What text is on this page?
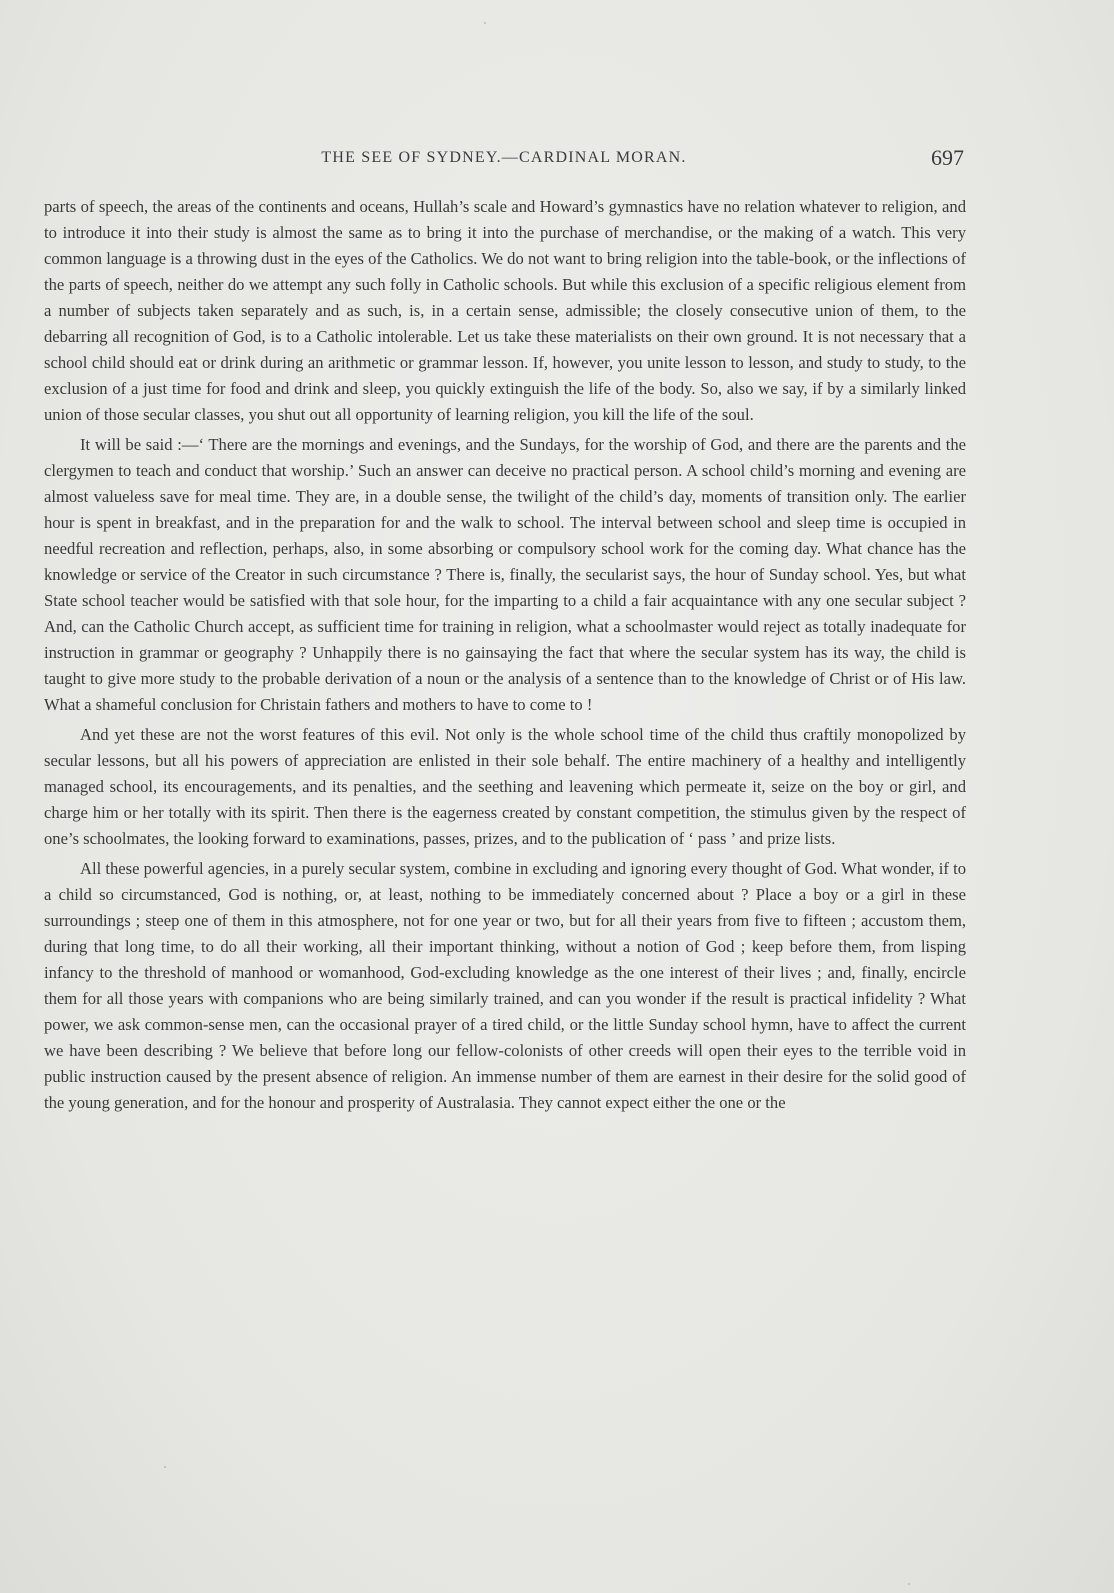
THE SEE OF SYDNEY.—CARDINAL MORAN.	697

parts of speech, the areas of the continents and oceans, Hullah’s scale and Howard’s gymnastics have no relation whatever to religion, and to introduce it into their study is almost the same as to bring it into the purchase of merchandise, or the making of a watch. This very common language is a throwing dust in the eyes of the Catholics. We do not want to bring religion into the table-book, or the inflections of the parts of speech, neither do we attempt any such folly in Catholic schools. But while this exclusion of a specific religious element from a number of subjects taken separately and as such, is, in a certain sense, admissible; the closely consecutive union of them, to the debarring all recognition of God, is to a Catholic intolerable. Let us take these materialists on their own ground. It is not necessary that a school child should eat or drink during an arithmetic or grammar lesson. If, however, you unite lesson to lesson, and study to study, to the exclusion of a just time for food and drink and sleep, you quickly extinguish the life of the body. So, also we say, if by a similarly linked union of those secular classes, you shut out all opportunity of learning religion, you kill the life of the soul.

It will be said :—‘ There are the mornings and evenings, and the Sundays, for the worship of God, and there are the parents and the clergymen to teach and conduct that worship.’ Such an answer can deceive no practical person. A school child’s morning and evening are almost valueless save for meal time. They are, in a double sense, the twilight of the child’s day, moments of transition only. The earlier hour is spent in breakfast, and in the preparation for and the walk to school. The interval between school and sleep time is occupied in needful recreation and reflection, perhaps, also, in some absorbing or compulsory school work for the coming day. What chance has the knowledge or service of the Creator in such circumstance ? There is, finally, the secularist says, the hour of Sunday school. Yes, but what State school teacher would be satisfied with that sole hour, for the imparting to a child a fair acquaintance with any one secular subject ? And, can the Catholic Church accept, as sufficient time for training in religion, what a schoolmaster would reject as totally inadequate for instruction in grammar or geography ? Unhappily there is no gainsaying the fact that where the secular system has its way, the child is taught to give more study to the probable derivation of a noun or the analysis of a sentence than to the knowledge of Christ or of His law. What a shameful conclusion for Christain fathers and mothers to have to come to !

And yet these are not the worst features of this evil. Not only is the whole school time of the child thus craftily monopolized by secular lessons, but all his powers of appreciation are enlisted in their sole behalf. The entire machinery of a healthy and intelligently managed school, its encouragements, and its penalties, and the seething and leavening which permeate it, seize on the boy or girl, and charge him or her totally with its spirit. Then there is the eagerness created by constant competition, the stimulus given by the respect of one’s schoolmates, the looking forward to examinations, passes, prizes, and to the publication of ‘ pass ’ and prize lists.

All these powerful agencies, in a purely secular system, combine in excluding and ignoring every thought of God. What wonder, if to a child so circumstanced, God is nothing, or, at least, nothing to be immediately concerned about ? Place a boy or a girl in these surroundings ; steep one of them in this atmosphere, not for one year or two, but for all their years from five to fifteen ; accustom them, during that long time, to do all their working, all their important thinking, without a notion of God ; keep before them, from lisping infancy to the threshold of manhood or womanhood, God-excluding knowledge as the one interest of their lives ; and, finally, encircle them for all those years with companions who are being similarly trained, and can you wonder if the result is practical infidelity ? What power, we ask common-sense men, can the occasional prayer of a tired child, or the little Sunday school hymn, have to affect the current we have been describing ? We believe that before long our fellow-colonists of other creeds will open their eyes to the terrible void in public instruction caused by the present absence of religion. An immense number of them are earnest in their desire for the solid good of the young generation, and for the honour and prosperity of Australasia. They cannot expect either the one or the
